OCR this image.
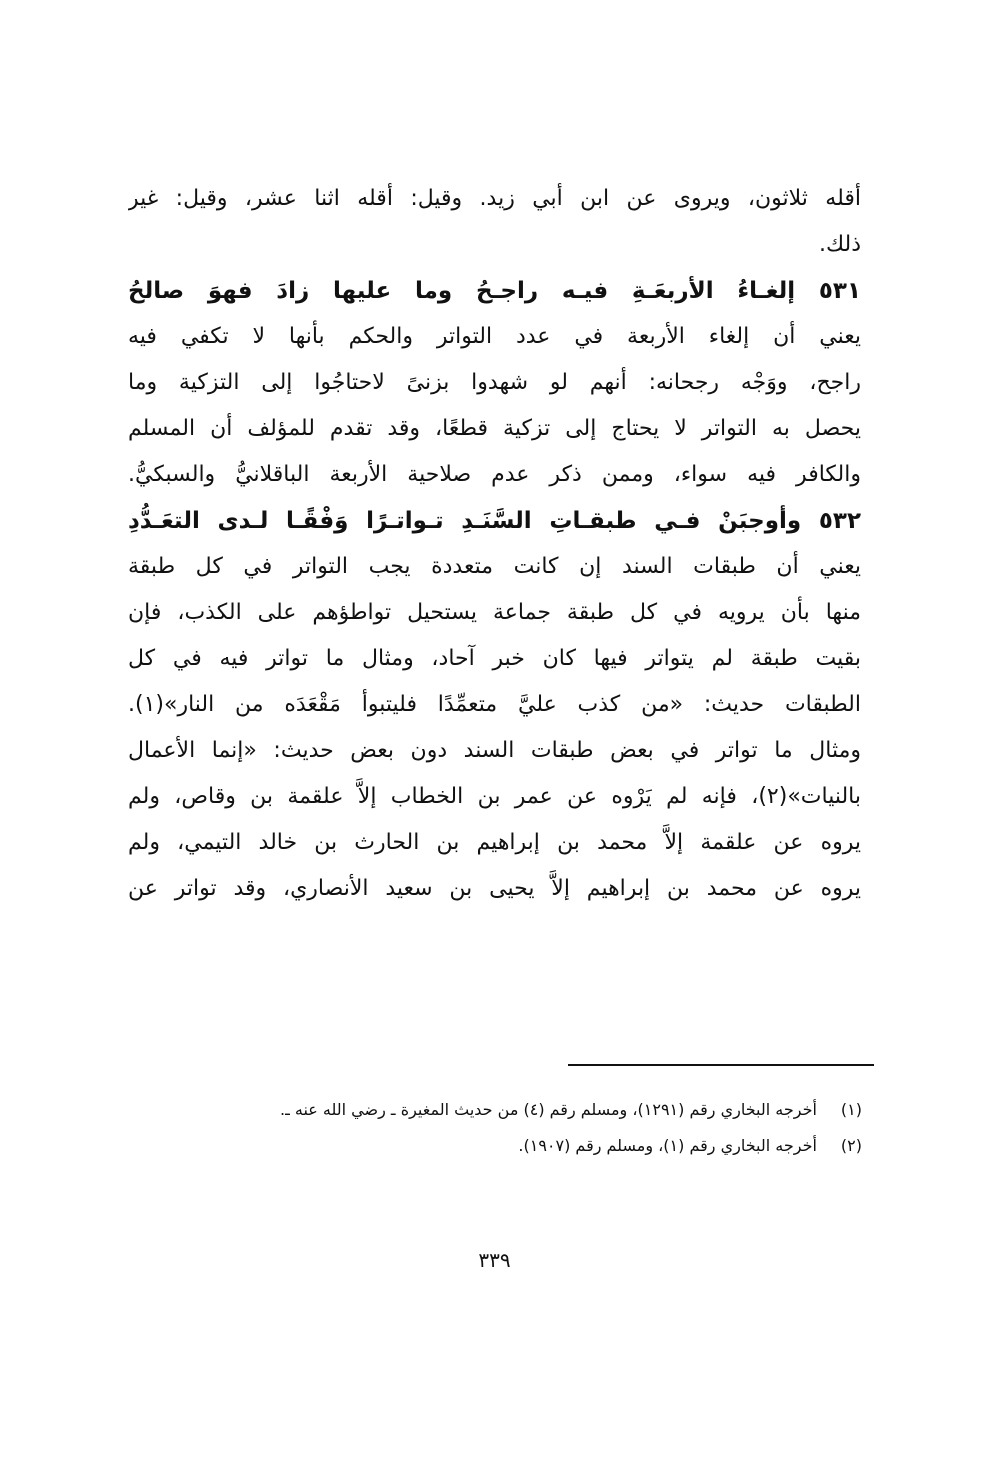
أقله ثلاثون، ويروى عن ابن أبي زيد. وقيل: أقله اثنا عشر، وقيل: غير
ذلك.
٥٣١ إلغـاءُ الأربعَـةِ فيـه راجـحُ وما عليها زادَ فهوَ صالحُ
يعني أن إلغاء الأربعة في عدد التواتر والحكم بأنها لا تكفي فيه
راجح، ووَجْه رجحانه: أنهم لو شهدوا بزنىً لاحتاجُوا إلى التزكية وما
يحصل به التواتر لا يحتاج إلى تزكية قطعًا، وقد تقدم للمؤلف أن المسلم
والكافر فيه سواء، وممن ذكر عدم صلاحية الأربعة الباقلانيُّ والسبكيُّ.
٥٣٢ وأوجبَنْ فـي طبقـاتِ السَّنَـدِ تـواتـرًا وَفْقًـا لـدى التعَـدُّدِ
يعني أن طبقات السند إن كانت متعددة يجب التواتر في كل طبقة
منها بأن يرويه في كل طبقة جماعة يستحيل تواطؤهم على الكذب، فإن
بقيت طبقة لم يتواتر فيها كان خبر آحاد، ومثال ما تواتر فيه في كل
الطبقات حديث: «من كذب عليَّ متعمِّدًا فليتبوأ مَقْعَدَه من النار»(١).
ومثال ما تواتر في بعض طبقات السند دون بعض حديث: «إنما الأعمال
بالنيات»(٢)، فإنه لم يَرْوه عن عمر بن الخطاب إلاَّ علقمة بن وقاص، ولم
يروه عن علقمة إلاَّ محمد بن إبراهيم بن الحارث بن خالد التيمي، ولم
يروه عن محمد بن إبراهيم إلاَّ يحيى بن سعيد الأنصاري، وقد تواتر عن
(١) أخرجه البخاري رقم (١٢٩١)، ومسلم رقم (٤) من حديث المغيرة ـ رضي الله عنه ـ.
(٢) أخرجه البخاري رقم (١)، ومسلم رقم (١٩٠٧).
٣٣٩
